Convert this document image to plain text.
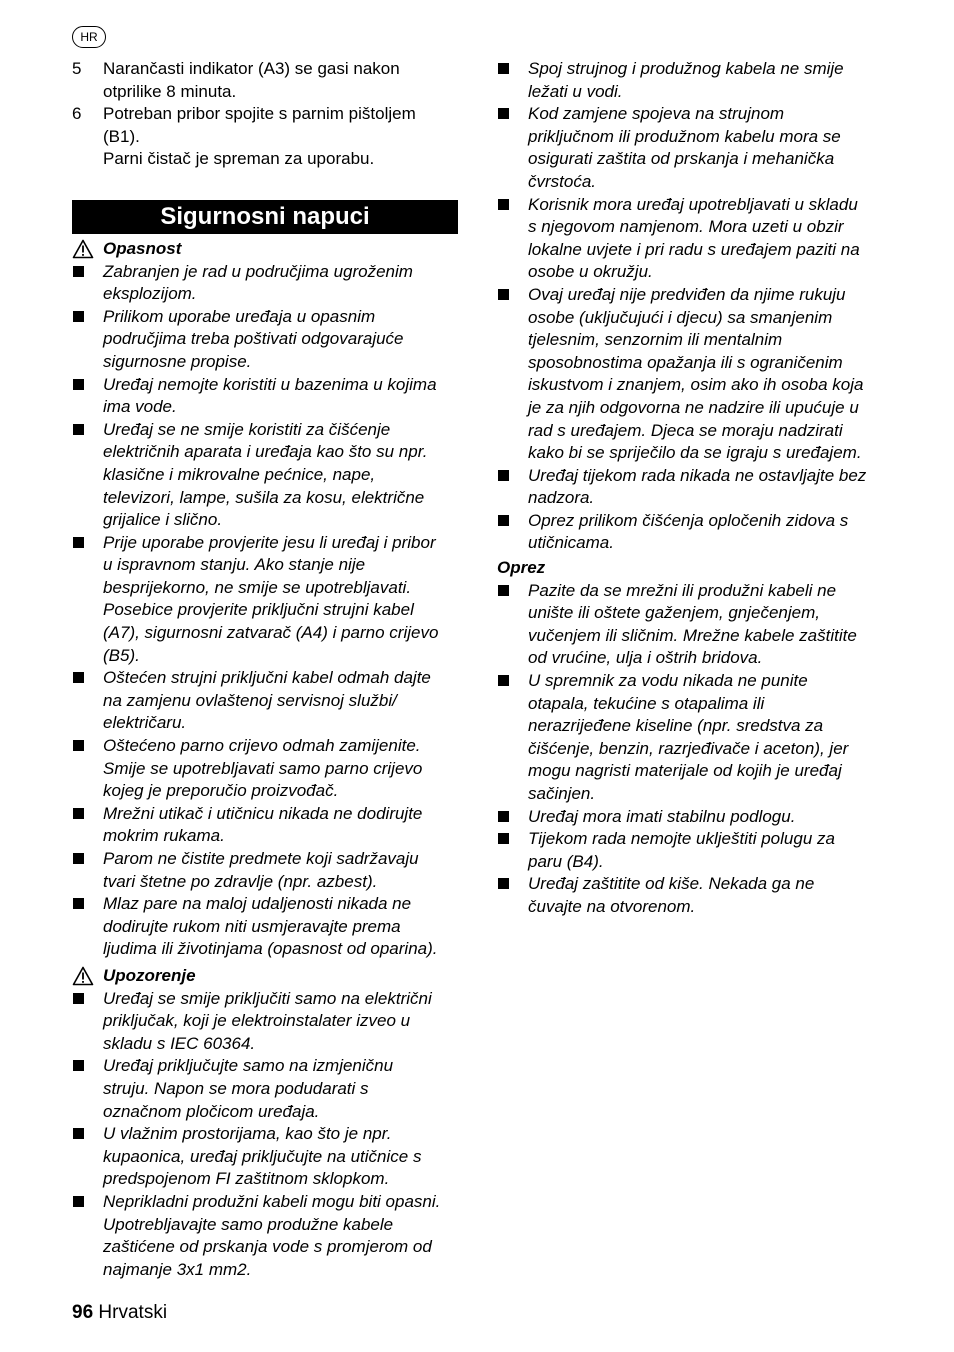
HR
5 Narančasti indikator (A3) se gasi nakon
otprilike 8 minuta.
6 Potreban pribor spojite s parnim pištoljem
(B1).
Parni čistač je spreman za uporabu.
Sigurnosni napuci
Opasnost
Zabranjen je rad u područjima ugroženim
eksplozijom.
Prilikom uporabe uređaja u opasnim
područjima treba poštivati odgovarajuće
sigurnosne propise.
Uređaj nemojte koristiti u bazenima u kojima
ima vode.
Uređaj se ne smije koristiti za čišćenje
električnih aparata i uređaja kao što su npr.
klasične i mikrovalne pećnice, nape,
televizori, lampe, sušila za kosu, električne
grijalice i slično.
Prije uporabe provjerite jesu li uređaj i pribor
u ispravnom stanju. Ako stanje nije
besprijekorno, ne smije se upotrebljavati.
Posebice provjerite priključni strujni kabel
(A7), sigurnosni zatvarač (A4) i parno crijevo
(B5).
Oštećen strujni priključni kabel odmah dajte
na zamjenu ovlaštenoj servisnoj službi/
električaru.
Oštećeno parno crijevo odmah zamijenite.
Smije se upotrebljavati samo parno crijevo
kojeg je preporučio proizvođač.
Mrežni utikač i utičnicu nikada ne dodirujte
mokrim rukama.
Parom ne čistite predmete koji sadržavaju
tvari štetne po zdravlje (npr. azbest).
Mlaz pare na maloj udaljenosti nikada ne
dodirujte rukom niti usmjeravajte prema
ljudima ili životinjama (opasnost od oparina).
Upozorenje
Uređaj se smije priključiti samo na električni
priključak, koji je elektroinstalater izveo u
skladu s IEC 60364.
Uređaj priključujte samo na izmjeničnu
struju. Napon se mora podudarati s
označnom pločicom uređaja.
U vlažnim prostorijama, kao što je npr.
kupaonica, uređaj priključujte na utičnice s
predspojenom FI zaštitnom sklopkom.
Neprikladni produžni kabeli mogu biti opasni.
Upotrebljavajte samo produžne kabele
zaštićene od prskanja vode s promjerom od
najmanje 3x1 mm2.
Spoj strujnog i produžnog kabela ne smije
ležati u vodi.
Kod zamjene spojeva na strujnom
priključnom ili produžnom kabelu mora se
osigurati zaštita od prskanja i mehanička
čvrstoća.
Korisnik mora uređaj upotrebljavati u skladu
s njegovom namjenom. Mora uzeti u obzir
lokalne uvjete i pri radu s uređajem paziti na
osobe u okružju.
Ovaj uređaj nije predviđen da njime rukuju
osobe (uključujući i djecu) sa smanjenim
tjelesnim, senzornim ili mentalnim
sposobnostima opažanja ili s ograničenim
iskustvom i znanjem, osim ako ih osoba koja
je za njih odgovorna ne nadzire ili upućuje u
rad s uređajem. Djeca se moraju nadzirati
kako bi se spriječilo da se igraju s uređajem.
Uređaj tijekom rada nikada ne ostavljajte bez
nadzora.
Oprez prilikom čišćenja opločenih zidova s
utičnicama.
Oprez
Pazite da se mrežni ili produžni kabeli ne
unište ili oštete gaženjem, gnječenjem,
vučenjem ili sličnim. Mrežne kabele zaštitite
od vrućine, ulja i oštrih bridova.
U spremnik za vodu nikada ne punite
otapala, tekućine s otapalima ili
nerazrijeđene kiseline (npr. sredstva za
čišćenje, benzin, razrjeđivače i aceton), jer
mogu nagristi materijale od kojih je uređaj
sačinjen.
Uređaj mora imati stabilnu podlogu.
Tijekom rada nemojte uklještiti polugu za
paru (B4).
Uređaj zaštitite od kiše. Nekada ga ne
čuvajte na otvorenom.
96 Hrvatski
